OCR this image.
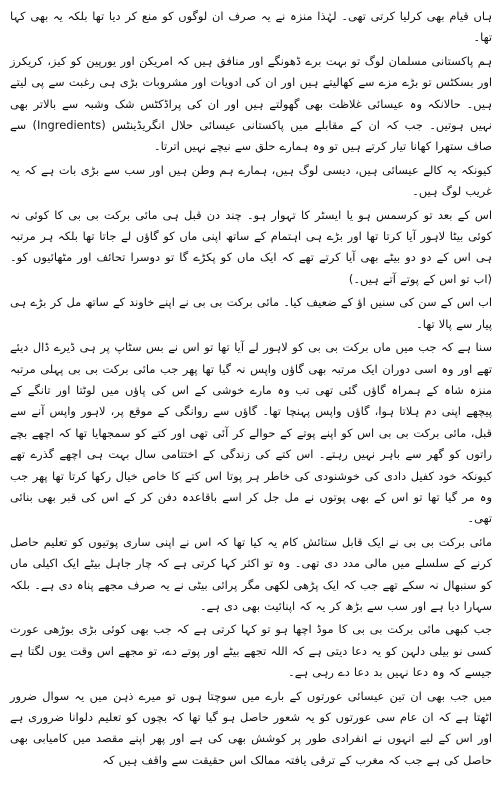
ہاں قیام بھی کرلیا کرتی تھی۔ لہٰذا منزہ نے یہ صرف ان لوگوں کو منع کر دیا تھا بلکہ یہ بھی کہا تھا۔

ہم پاکستانی مسلمان لوگ تو بہت برے ڈھونگے اور منافق ہیں کہ امریکن اور یورپین کو کیز، کریکرز اور بسکٹس تو بڑے مزے سے کھالیتے ہیں اور ان کی ادویات اور مشروبات بڑی ہی رغبت سے پی لیتے ہیں۔ حالانکہ وہ عیسائی غلاظت بھی گھولتے ہیں اور ان کی پراڈکٹس شک وشبہ سے بالاتر بھی نہیں ہوتیں۔ جب کہ ان کے مقابلے میں پاکستانی عیسائی حلال انگریڈینٹس (Ingredients) سے صاف ستھرا کھانا تیار کرتے ہیں تو وہ ہمارے حلق سے نیچے نہیں اترتا۔

کیونکہ یہ کالے عیسائی ہیں، دیسی لوگ ہیں، ہمارے ہم وطن ہیں اور سب سے بڑی بات ہے کہ یہ غریب لوگ ہیں۔

اس کے بعد تو کرسمس ہو یا ایسٹر کا تہوار ہو۔ چند دن قبل ہی مائی برکت بی بی کا کوئی نہ کوئی بیٹا لاہور آیا کرتا تھا اور بڑے ہی اہتمام کے ساتھ اپنی ماں کو گاؤں لے جاتا تھا بلکہ ہر مرتبہ ہی اس کے دو دو بیٹے بھی آیا کرتے تھے کہ ایک ماں کو پکڑے گا تو دوسرا تحائف اور مٹھائیوں کو۔ (اب تو اس کے پوتے آتے ہیں۔)

اب اس کے سن کی سنیں اؤ کے ضعیف کیا۔ مائی برکت بی بی نے اپنے خاوند کے ساتھ مل کر بڑے ہی پیار سے پالا تھا۔

سنا ہے کہ جب میں ماں برکت بی بی کو لاہور لے آیا تھا تو اس نے بس سٹاپ پر ہی ڈیرے ڈال دیئے تھے اور وہ اسی دوران ایک مرتبہ بھی گاؤں واپس نہ گیا تھا پھر جب مائی برکت بی بی پہلی مرتبہ منزہ شاہ کے ہمراہ گاؤں گئی تھی تب وہ مارے خوشی کے اس کی پاؤں میں لوٹتا اور تانگے کے پیچھے اپنی دم ہلاتا ہوا، گاؤں واپس پہنچا تھا۔ گاؤں سے روانگی کے موقع پر، لاہور واپس آنے سے قبل، مائی برکت بی بی اس کو اپنے پوتے کے حوالے کر آئی تھی اور کتے کو سمجھایا تھا کہ اچھے بچے راتوں کو گھر سے باہر نہیں رہتے۔ اس کتے کی زندگی کے اختتامی سال بہت ہی اچھے گذرے تھے کیونکہ خود کفیل دادی کی خوشنودی کی خاطر ہر پوتا اس کتے کا خاص خیال رکھا کرتا تھا پھر جب وہ مر گیا تھا تو اس کے بھی پوتوں نے مل جل کر اسے باقاعدہ دفن کر کے اس کی قبر بھی بنائی تھی۔

مائی برکت بی بی نے ایک قابل ستائش کام یہ کیا تھا کہ اس نے اپنی ساری پوتیوں کو تعلیم حاصل کرنے کے سلسلے میں مالی مدد دی تھی۔ وہ تو اکثر کہا کرتی ہے کہ چار جاہل بیٹے ایک اکیلی ماں کو سنبھال نہ سکے تھے جب کہ ایک پڑھی لکھی مگر پرائی بیٹی نے یہ صرف مجھے پناہ دی ہے۔ بلکہ سہارا دیا ہے اور سب سے بڑھ کر یہ کہ اپنائیت بھی دی ہے۔

جب کبھی مائی برکت بی بی کا موڈ اچھا ہو تو کہا کرتی ہے کہ جب بھی کوئی بڑی بوڑھی عورت کسی نو بیلی دلہن کو یہ دعا دیتی ہے کہ اللہ تجھے بیٹے اور پوتے دے، تو مجھے اس وقت یوں لگتا ہے جیسے کہ وہ دعا نہیں بد دعا دے رہی ہے۔

میں جب بھی ان تین عیسائی عورتوں کے بارے میں سوچتا ہوں تو میرے ذہن میں یہ سوال ضرور اٹھتا ہے کہ ان عام سی عورتوں کو یہ شعور حاصل ہو گیا تھا کہ بچوں کو تعلیم دلوانا ضروری ہے اور اس کے لیے انہوں نے انفرادی طور پر کوشش بھی کی ہے اور پھر اپنے مقصد میں کامیابی بھی حاصل کی ہے جب کہ مغرب کے ترقی یافتہ ممالک اس حقیقت سے واقف ہیں کہ
